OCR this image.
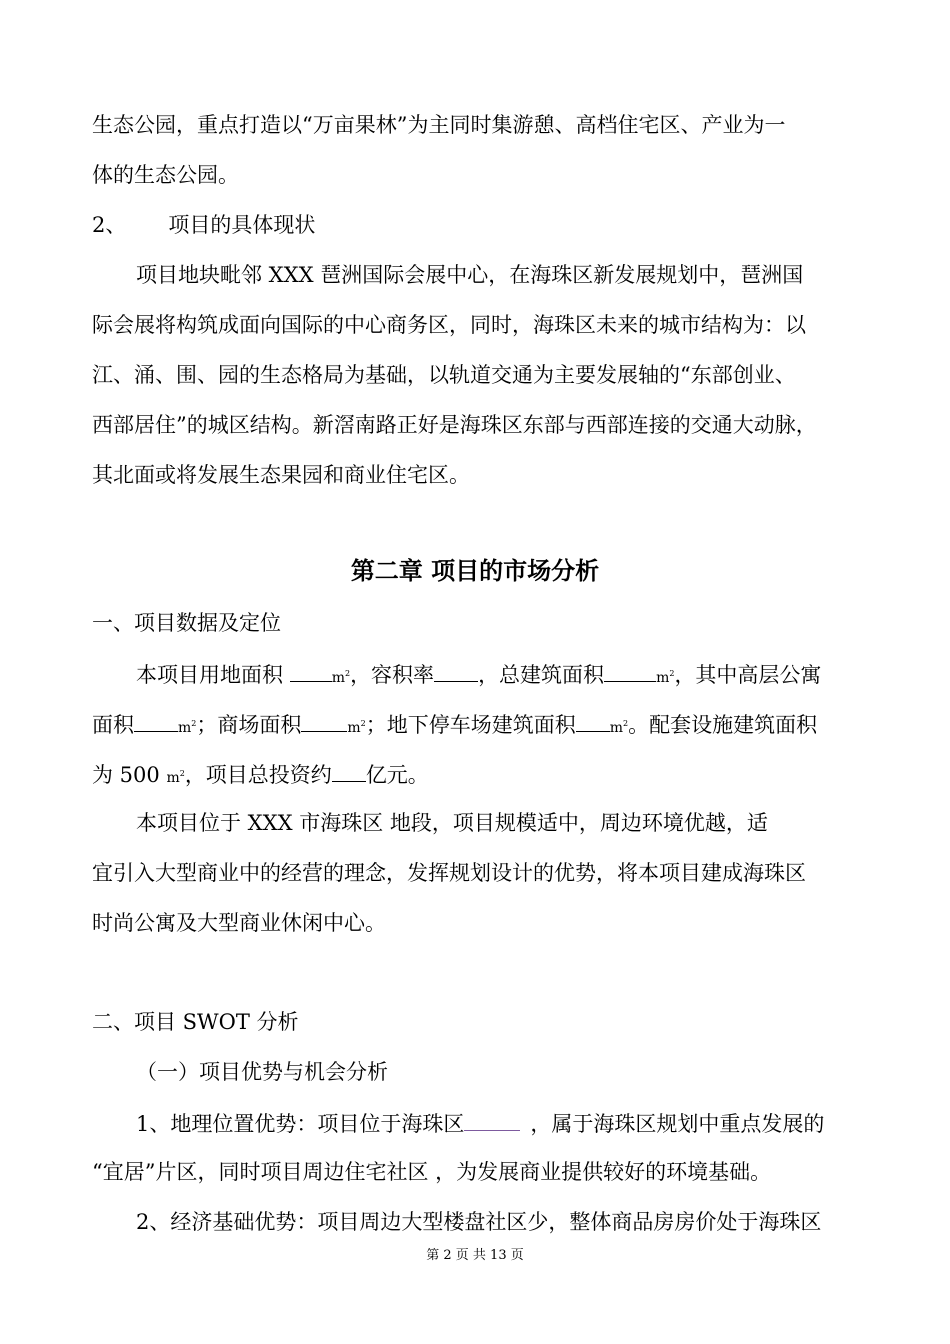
生态公园，重点打造以“万亩果林”为主同时集游憩、高档住宅区、产业为一
体的生态公园。
2、 项目的具体现状
项目地块毗邻 XXX 琶洲国际会展中心，在海珠区新发展规划中，琶洲国
际会展将构筑成面向国际的中心商务区，同时，海珠区未来的城市结构为：以
江、涌、围、园的生态格局为基础，以轨道交通为主要发展轴的“东部创业、
西部居住”的城区结构。新滘南路正好是海珠区东部与西部连接的交通大动脉，
其北面或将发展生态果园和商业住宅区。
第二章 项目的市场分析
一、项目数据及定位
本项目用地面积	$m^2$，容积率 ，总建筑面积	$m^2$，其中高层公寓
面积	$m^2$；商场面积	$m^2$；地下停车场建筑面积 $m^2$。配套设施建筑面积
为 500 $m^2$，项目总投资约 亿元。
本项目位于 XXX 市海珠区 地段，项目规模适中，周边环境优越，适
宜引入大型商业中的经营的理念，发挥规划设计的优势，将本项目建成海珠区
时尚公寓及大型商业休闲中心。
二、项目 SWOT 分析
（一）项目优势与机会分析
1、地理位置优势：项目位于海珠区	，属于海珠区规划中重点发展的
“宜居”片区，同时项目周边住宅社区 ，为发展商业提供较好的环境基础。
2、经济基础优势：项目周边大型楼盘社区少，整体商品房房价处于海珠区
第 2 页 共 13 页
